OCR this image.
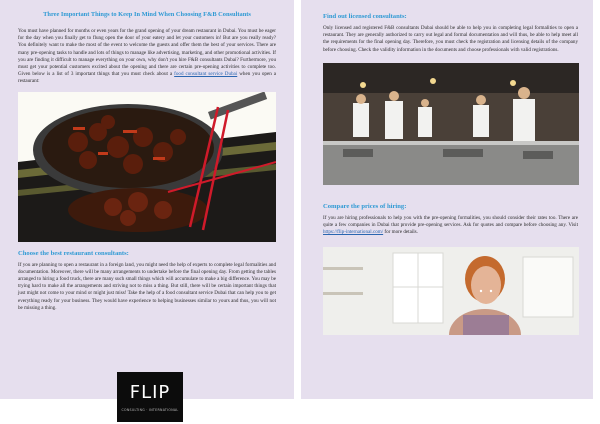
Three Important Things to Keep In Mind When Choosing F&B Consultants

You must have planned for months or even years for the grand opening of your dream restaurant in Dubai. You must be eager for the day when you finally get to flung open the door of your eatery and let your customers in! But are you really ready? You definitely want to make the most of the event to welcome the guests and offer them the best of your services. There are many pre-opening tasks to handle and lots of things to manage like advertising, marketing, and other promotional activities. If you are finding it difficult to manage everything on your own, why don't you hire F&B consultants Dubai? Furthermore, you must get your potential customers excited about the opening and there are certain pre-opening activities to complete too. Given below is a list of 3 important things that you must check about a food consultant service Dubai when you open a restaurant:

Choose the best restaurant consultants:

If you are planning to open a restaurant in a foreign land, you might need the help of experts to complete legal formalities and documentation. Moreover, there will be many arrangements to undertake before the final opening day. From getting the tables arranged to hiring a food truck, there are many such small things which will accumulate to make a big difference. You may be trying hard to make all the arrangements and striving not to miss a thing. But still, there will be certain important things that just might not come to your mind or might just miss! Take the help of a food consultant service Dubai that can help you to get everything ready for your business. They would have experience to helping businesses similar to yours and thus, you will not be missing a thing.

FLIP
CONSULTING · INTERNATIONAL

Find out licensed consultants:

Only licensed and registered F&B consultants Dubai should be able to help you in completing legal formalities to open a restaurant. They are generally authorized to carry out legal and formal documentation and will thus, be able to help meet all the requirements for the final opening day. Therefore, you must check the registration and licensing details of the company before choosing. Check the validity information in the documents and choose professionals with valid registrations.

Compare the prices of hiring:

If you are hiring professionals to help you with the pre-opening formalities, you should consider their rates too. There are quite a few companies in Dubai that provide pre-opening services. Ask for quotes and compare before choosing any. Visit https://flip-international.com/ for more details.
